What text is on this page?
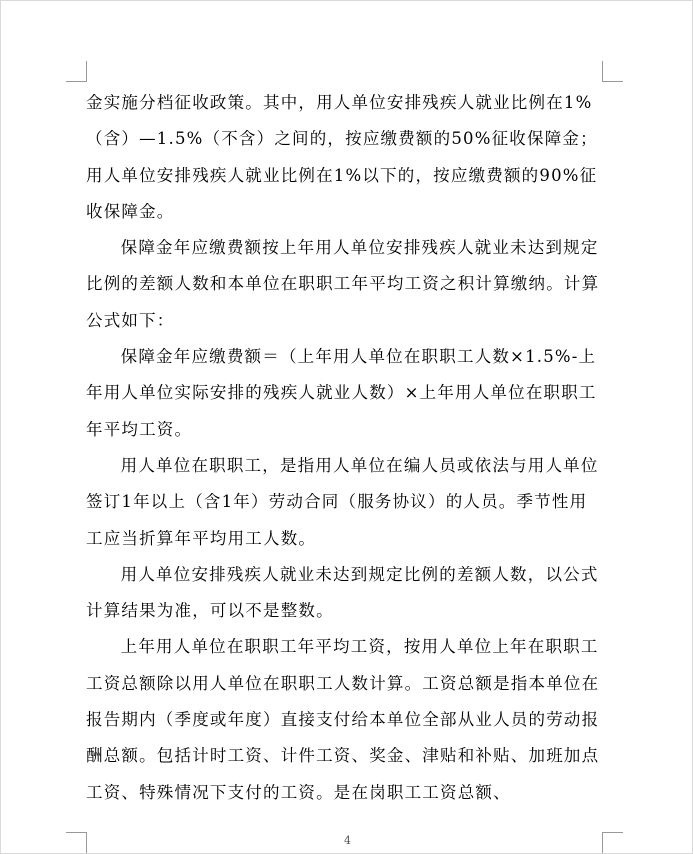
金实施分档征收政策。其中，用人单位安排残疾人就业比例在1%（含）—1.5%（不含）之间的，按应缴费额的50%征收保障金；用人单位安排残疾人就业比例在1%以下的，按应缴费额的90%征收保障金。

保障金年应缴费额按上年用人单位安排残疾人就业未达到规定比例的差额人数和本单位在职职工年平均工资之积计算缴纳。计算公式如下：

保障金年应缴费额＝（上年用人单位在职职工人数×1.5%-上年用人单位实际安排的残疾人就业人数）×上年用人单位在职职工年平均工资。

用人单位在职职工，是指用人单位在编人员或依法与用人单位签订1年以上（含1年）劳动合同（服务协议）的人员。季节性用工应当折算年平均用工人数。

用人单位安排残疾人就业未达到规定比例的差额人数，以公式计算结果为准，可以不是整数。

上年用人单位在职职工年平均工资，按用人单位上年在职职工工资总额除以用人单位在职职工人数计算。工资总额是指本单位在报告期内（季度或年度）直接支付给本单位全部从业人员的劳动报酬总额。包括计时工资、计件工资、奖金、津贴和补贴、加班加点工资、特殊情况下支付的工资。是在岗职工工资总额、

4
